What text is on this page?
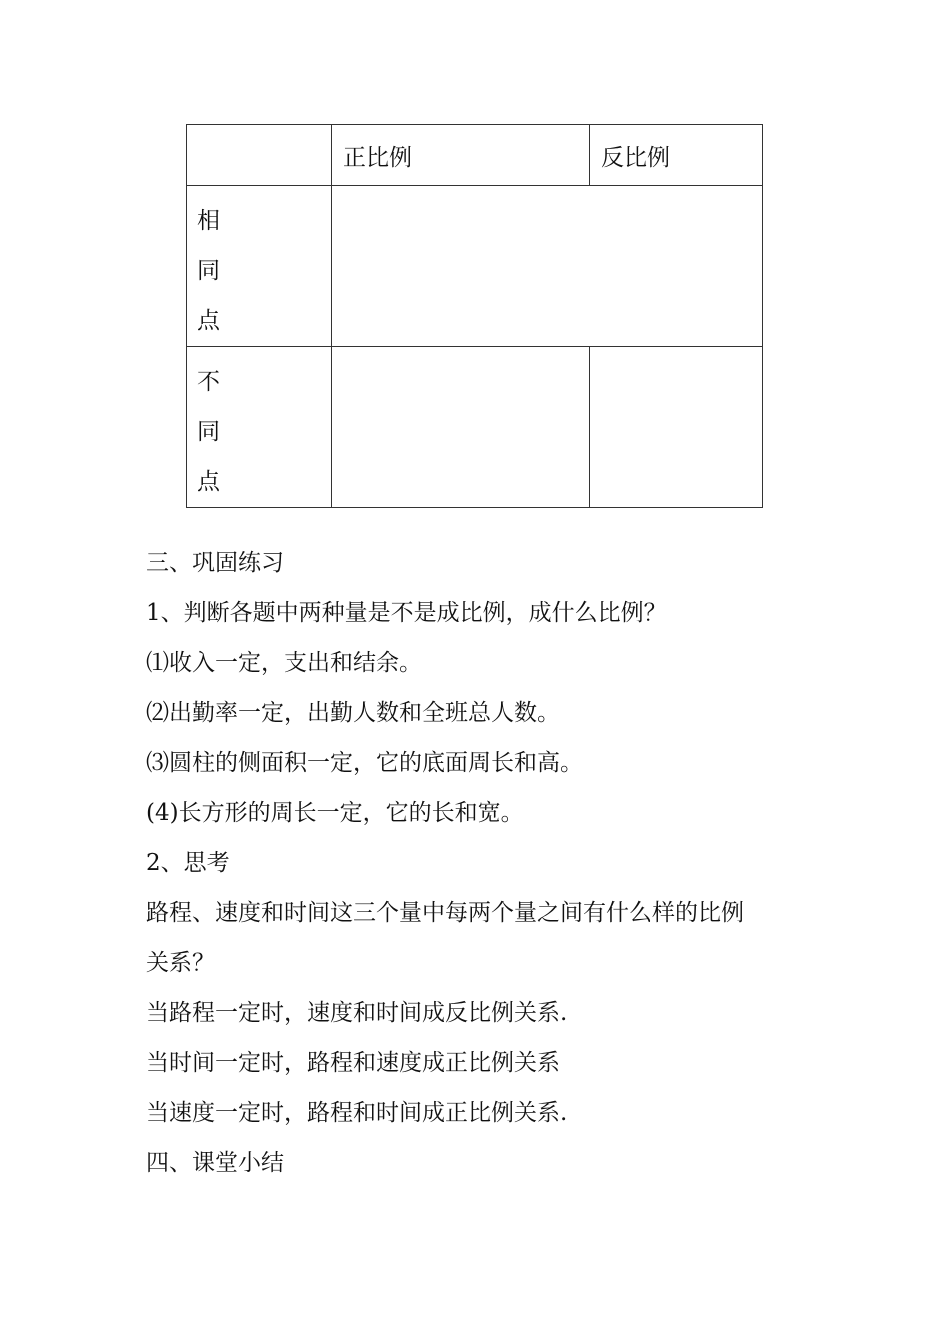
	正比例	反比例

相
同
点		

不
同
点		

三、巩固练习
1、判断各题中两种量是不是成比例，成什么比例？
⑴收入一定，支出和结余。
⑵出勤率一定，出勤人数和全班总人数。
⑶圆柱的侧面积一定，它的底面周长和高。
(4)长方形的周长一定，它的长和宽。
2、思考
路程、速度和时间这三个量中每两个量之间有什么样的比例
关系？
当路程一定时，速度和时间成反比例关系.
当时间一定时，路程和速度成正比例关系
当速度一定时，路程和时间成正比例关系.
四、课堂小结
